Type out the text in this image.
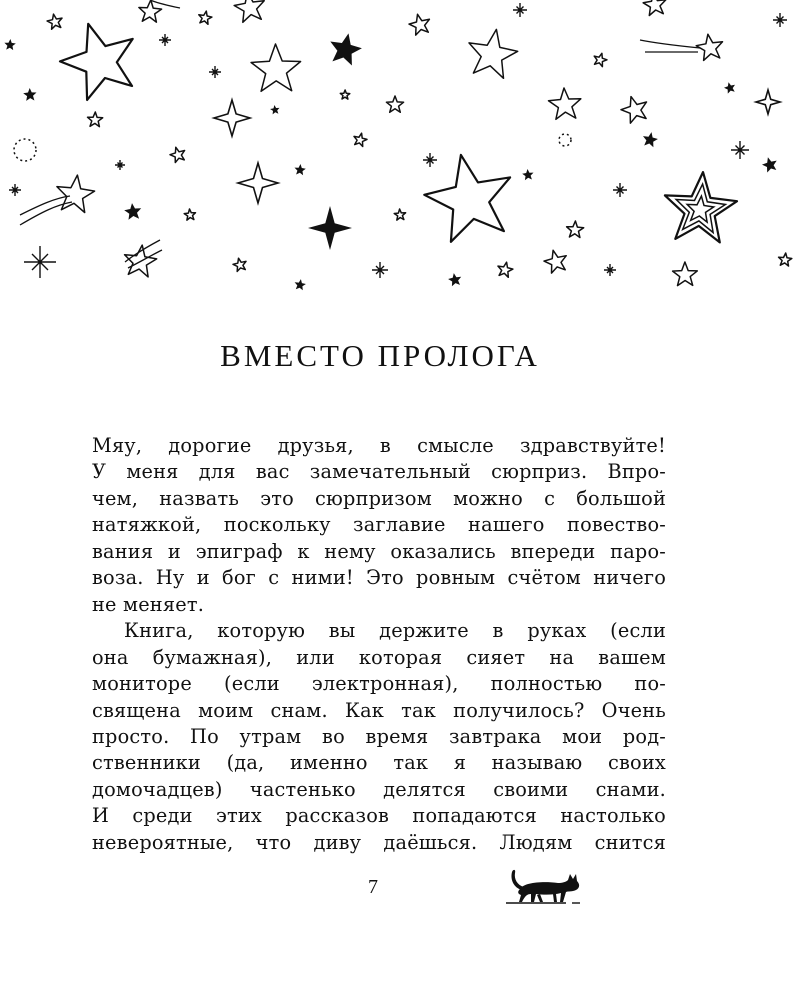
ВМЕСТО ПРОЛОГА
Мяу, дорогие друзья, в смысле здравствуйте!
У меня для вас замечательный сюрприз. Впро-
чем, назвать это сюрпризом можно с большой
натяжкой, поскольку заглавие нашего повество-
вания и эпиграф к нему оказались впереди паро-
воза. Ну и бог с ними! Это ровным счётом ничего
не меняет.
Книга, которую вы держите в руках (если
она бумажная), или которая сияет на вашем
мониторе (если электронная), полностью по-
священа моим снам. Как так получилось? Очень
просто. По утрам во время завтрака мои род-
ственники (да, именно так я называю своих
домочадцев) частенько делятся своими снами.
И среди этих рассказов попадаются настолько
невероятные, что диву даёшься. Людям снится
7
